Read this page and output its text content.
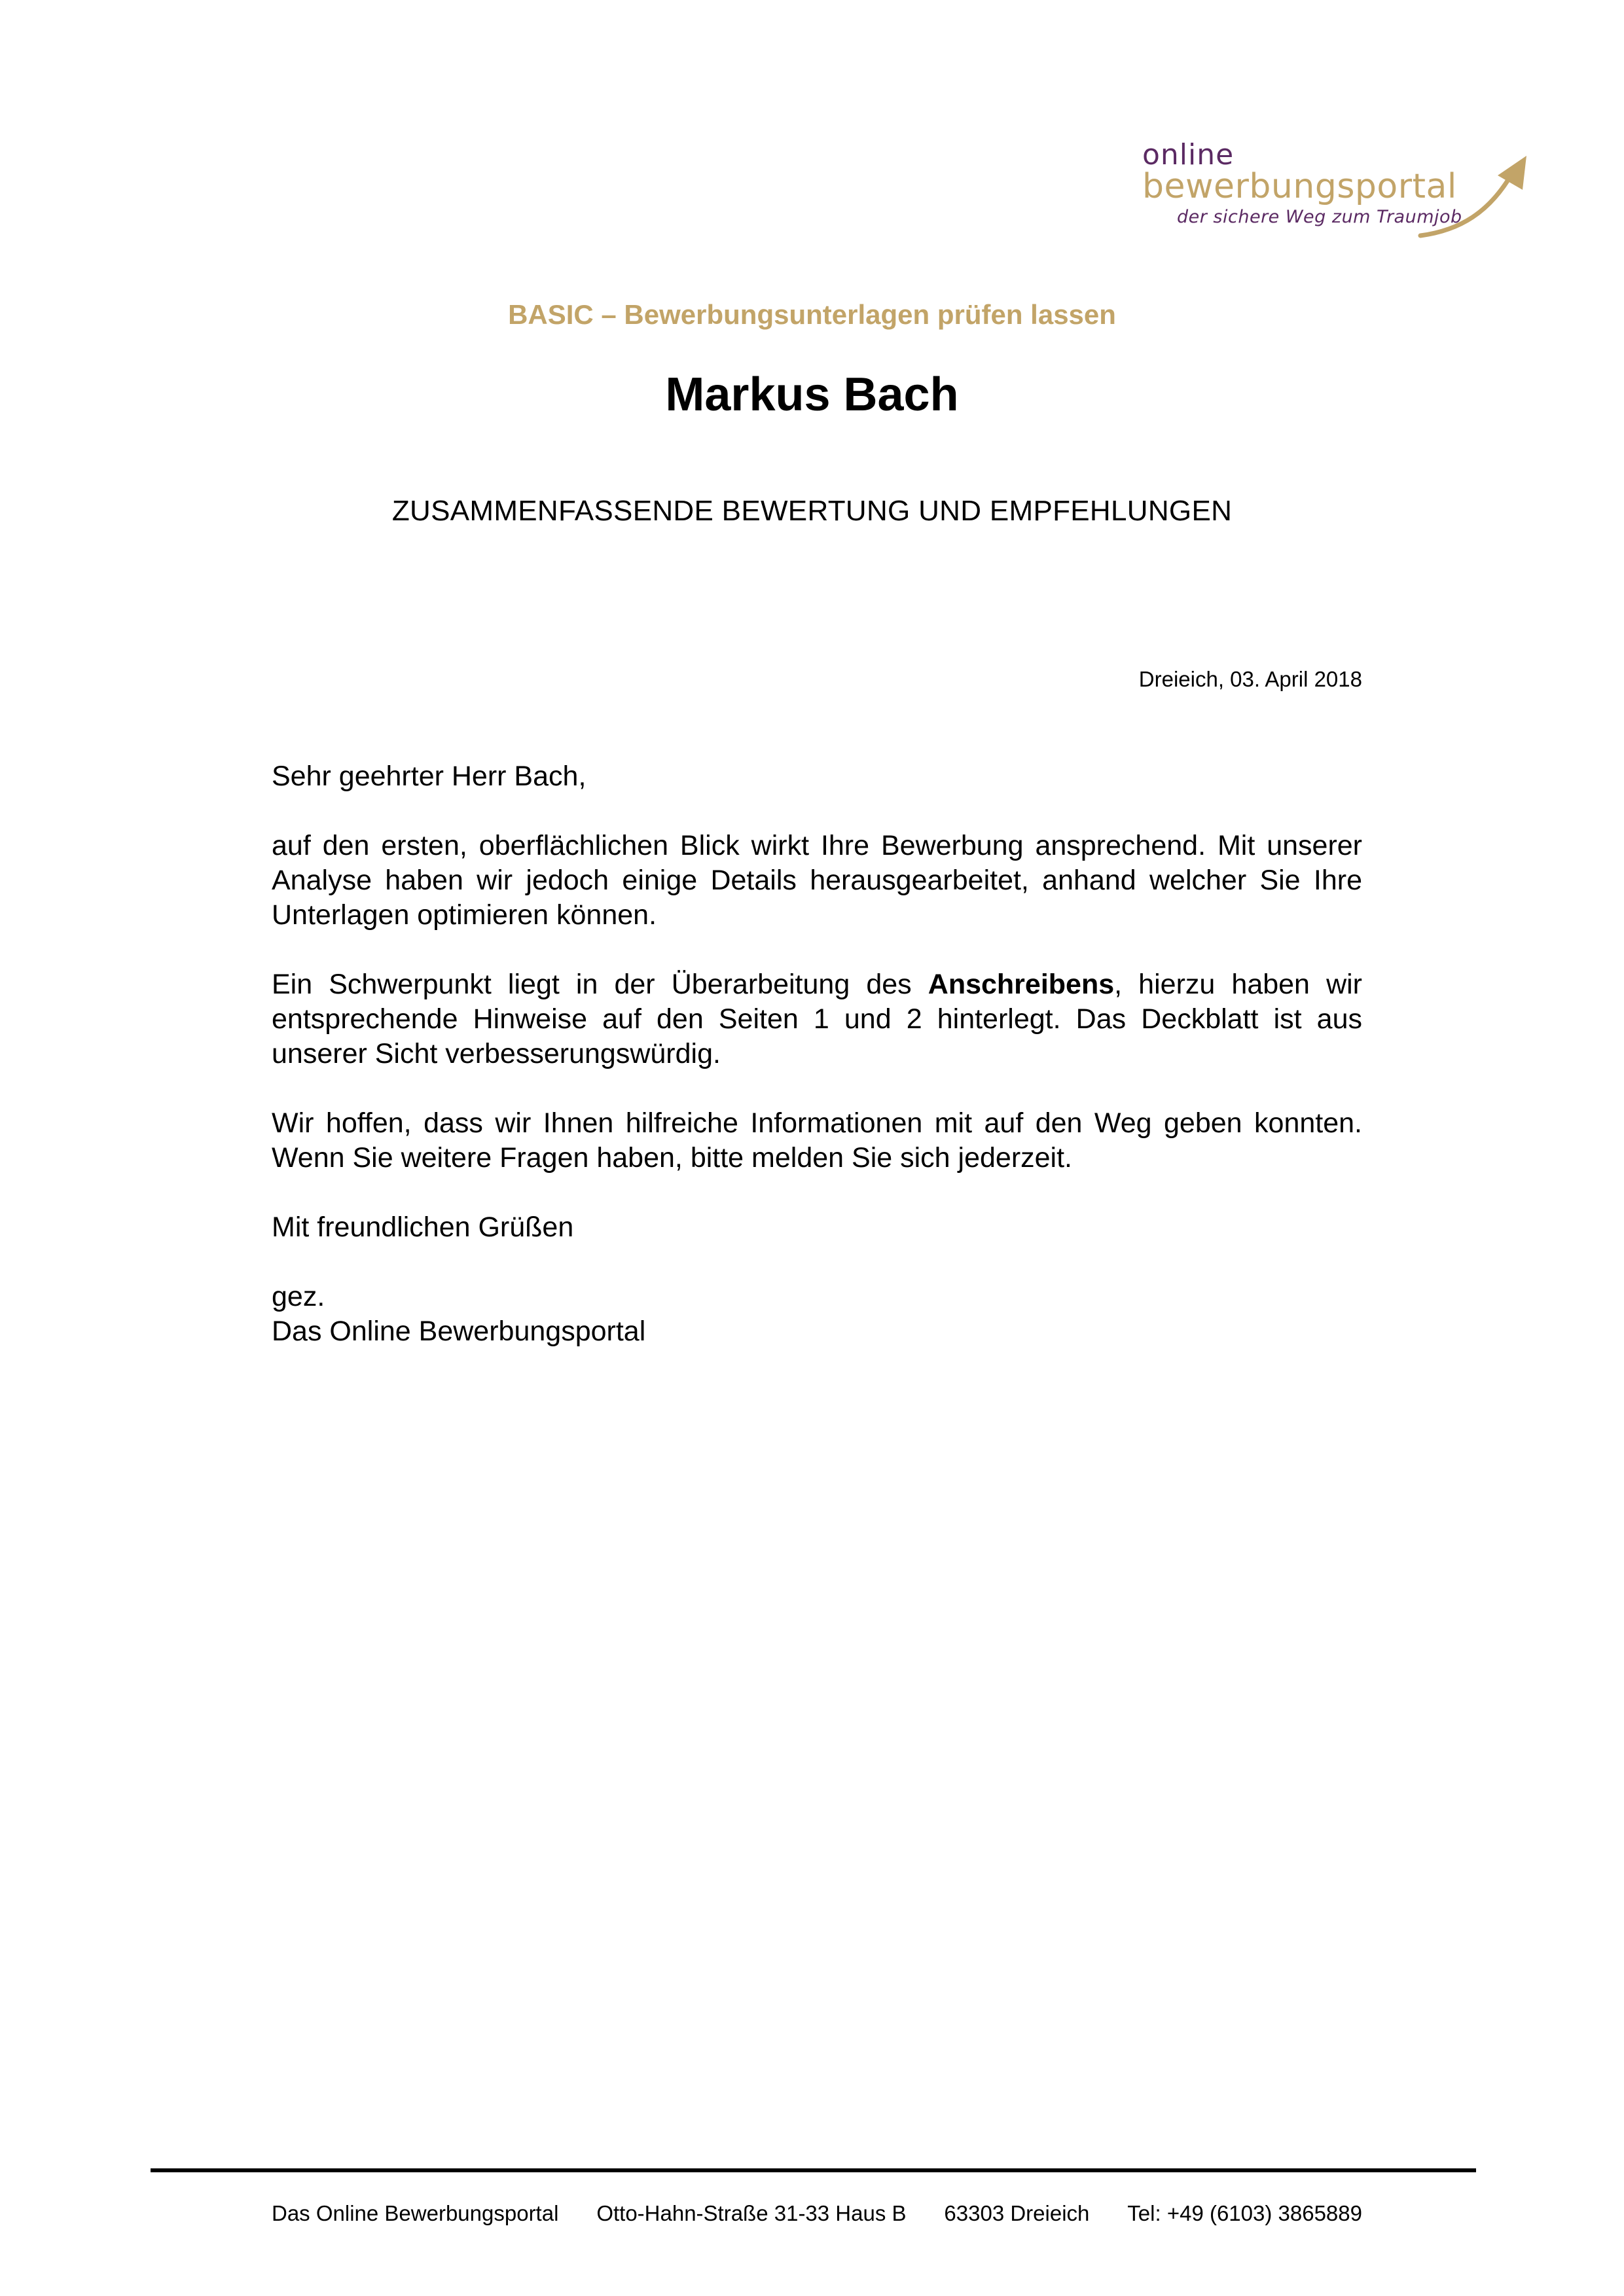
online
bewerbungsportal
der sichere Weg zum Traumjob
BASIC – Bewerbungsunterlagen prüfen lassen
Markus Bach
ZUSAMMENFASSENDE BEWERTUNG UND EMPFEHLUNGEN
Dreieich, 03. April 2018

Sehr geehrter Herr Bach,

auf den ersten, oberflächlichen Blick wirkt Ihre Bewerbung ansprechend. Mit unserer Analyse haben wir jedoch einige Details herausgearbeitet, anhand welcher Sie Ihre Unterlagen optimieren können.

Ein Schwerpunkt liegt in der Überarbeitung des Anschreibens, hierzu haben wir entsprechende Hinweise auf den Seiten 1 und 2 hinterlegt. Das Deckblatt ist aus unserer Sicht verbesserungswürdig.

Wir hoffen, dass wir Ihnen hilfreiche Informationen mit auf den Weg geben konnten. Wenn Sie weitere Fragen haben, bitte melden Sie sich jederzeit.

Mit freundlichen Grüßen

gez.

Das Online Bewerbungsportal

Das Online Bewerbungsportal Otto-Hahn-Straße 31-33 Haus B 63303 Dreieich Tel: +49 (6103) 3865889
